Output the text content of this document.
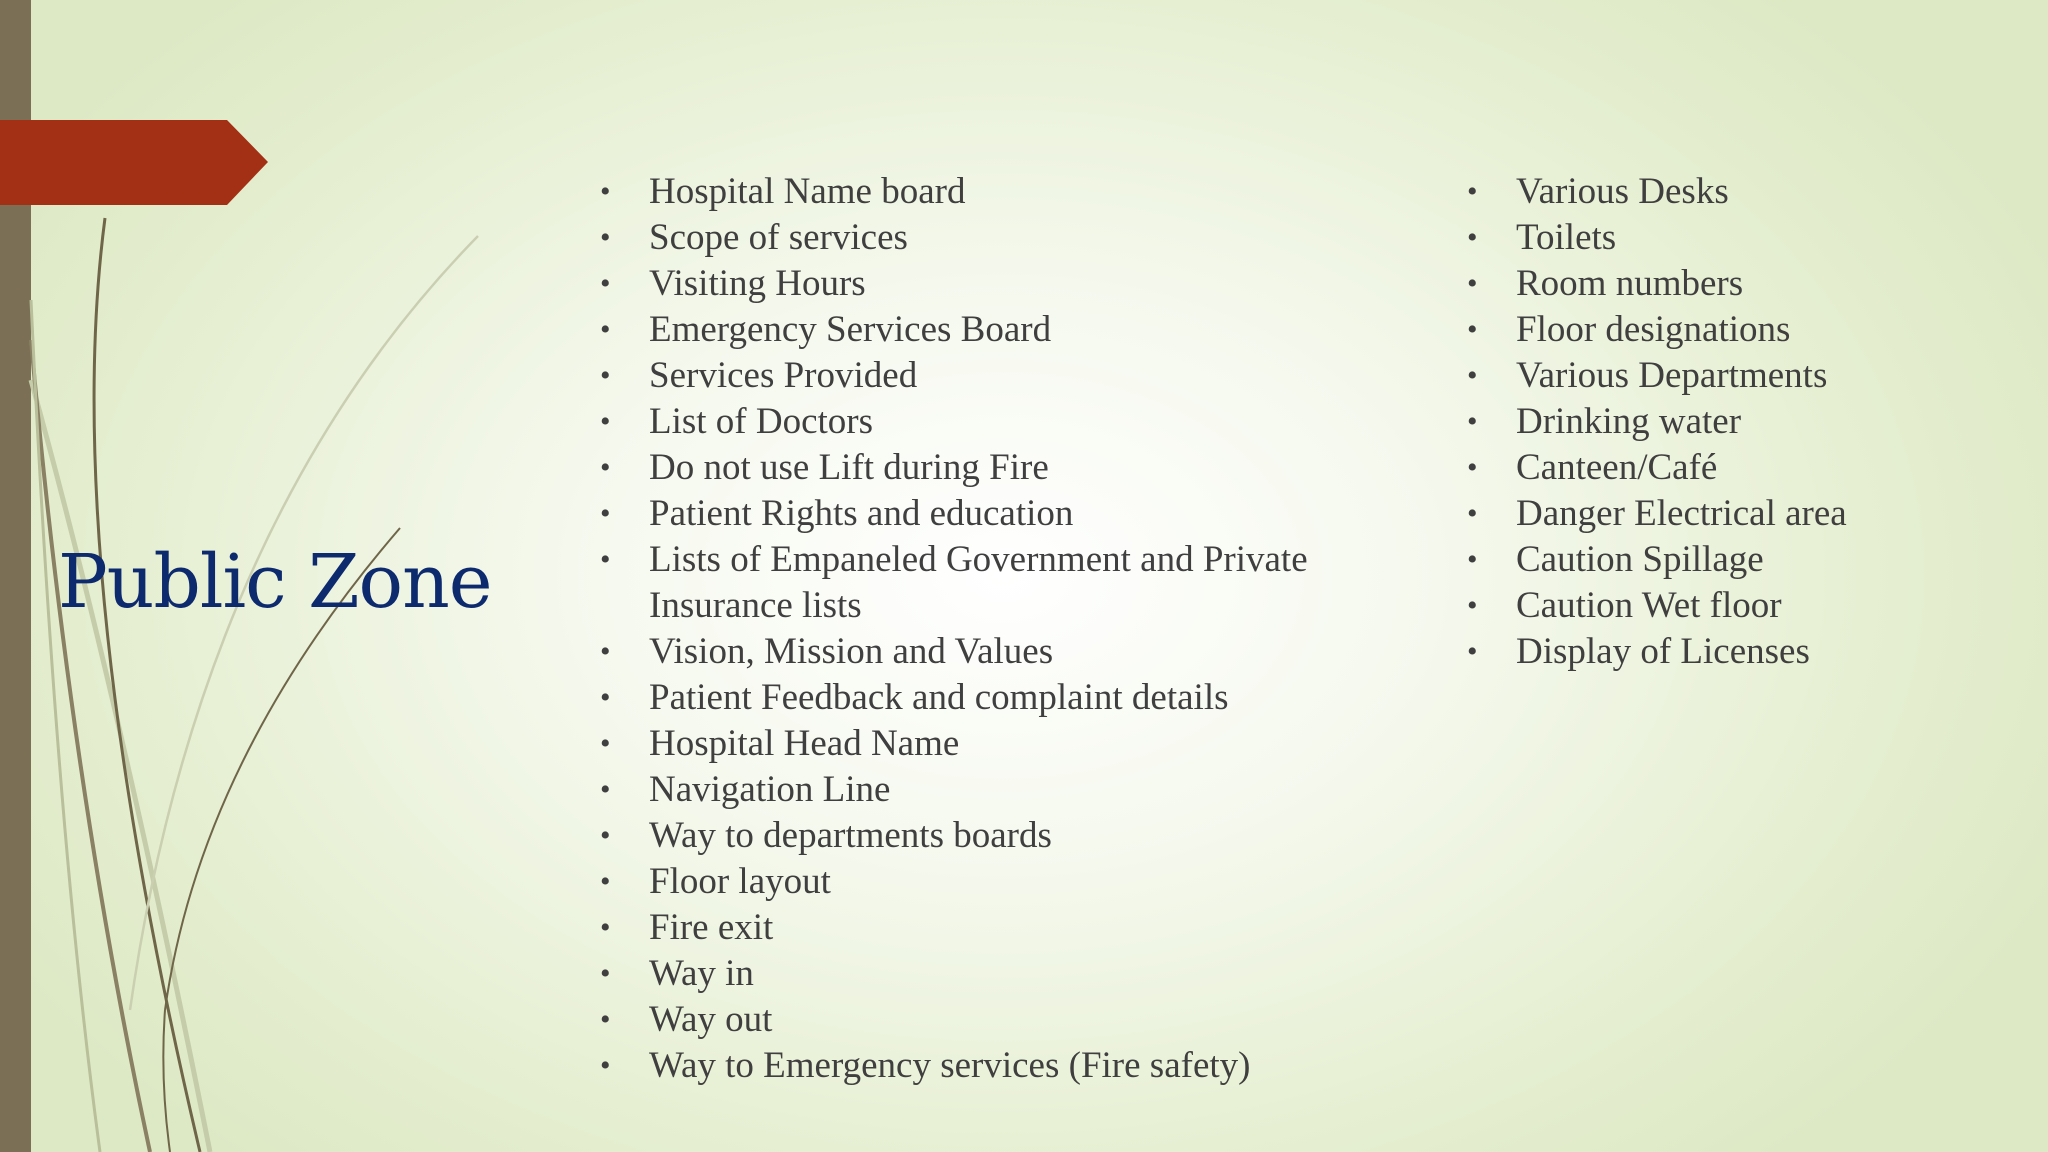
Public Zone
• Hospital Name board
• Scope of services
• Visiting Hours
• Emergency Services Board
• Services Provided
• List of Doctors
• Do not use Lift during Fire
• Patient Rights and education
• Lists of Empaneled Government and Private Insurance lists
• Vision, Mission and Values
• Patient Feedback and complaint details
• Hospital Head Name
• Navigation Line
• Way to departments boards
• Floor layout
• Fire exit
• Way in
• Way out
• Way to Emergency services (Fire safety)
• Various Desks
• Toilets
• Room numbers
• Floor designations
• Various Departments
• Drinking water
• Canteen/Café
• Danger Electrical area
• Caution Spillage
• Caution Wet floor
• Display of Licenses
